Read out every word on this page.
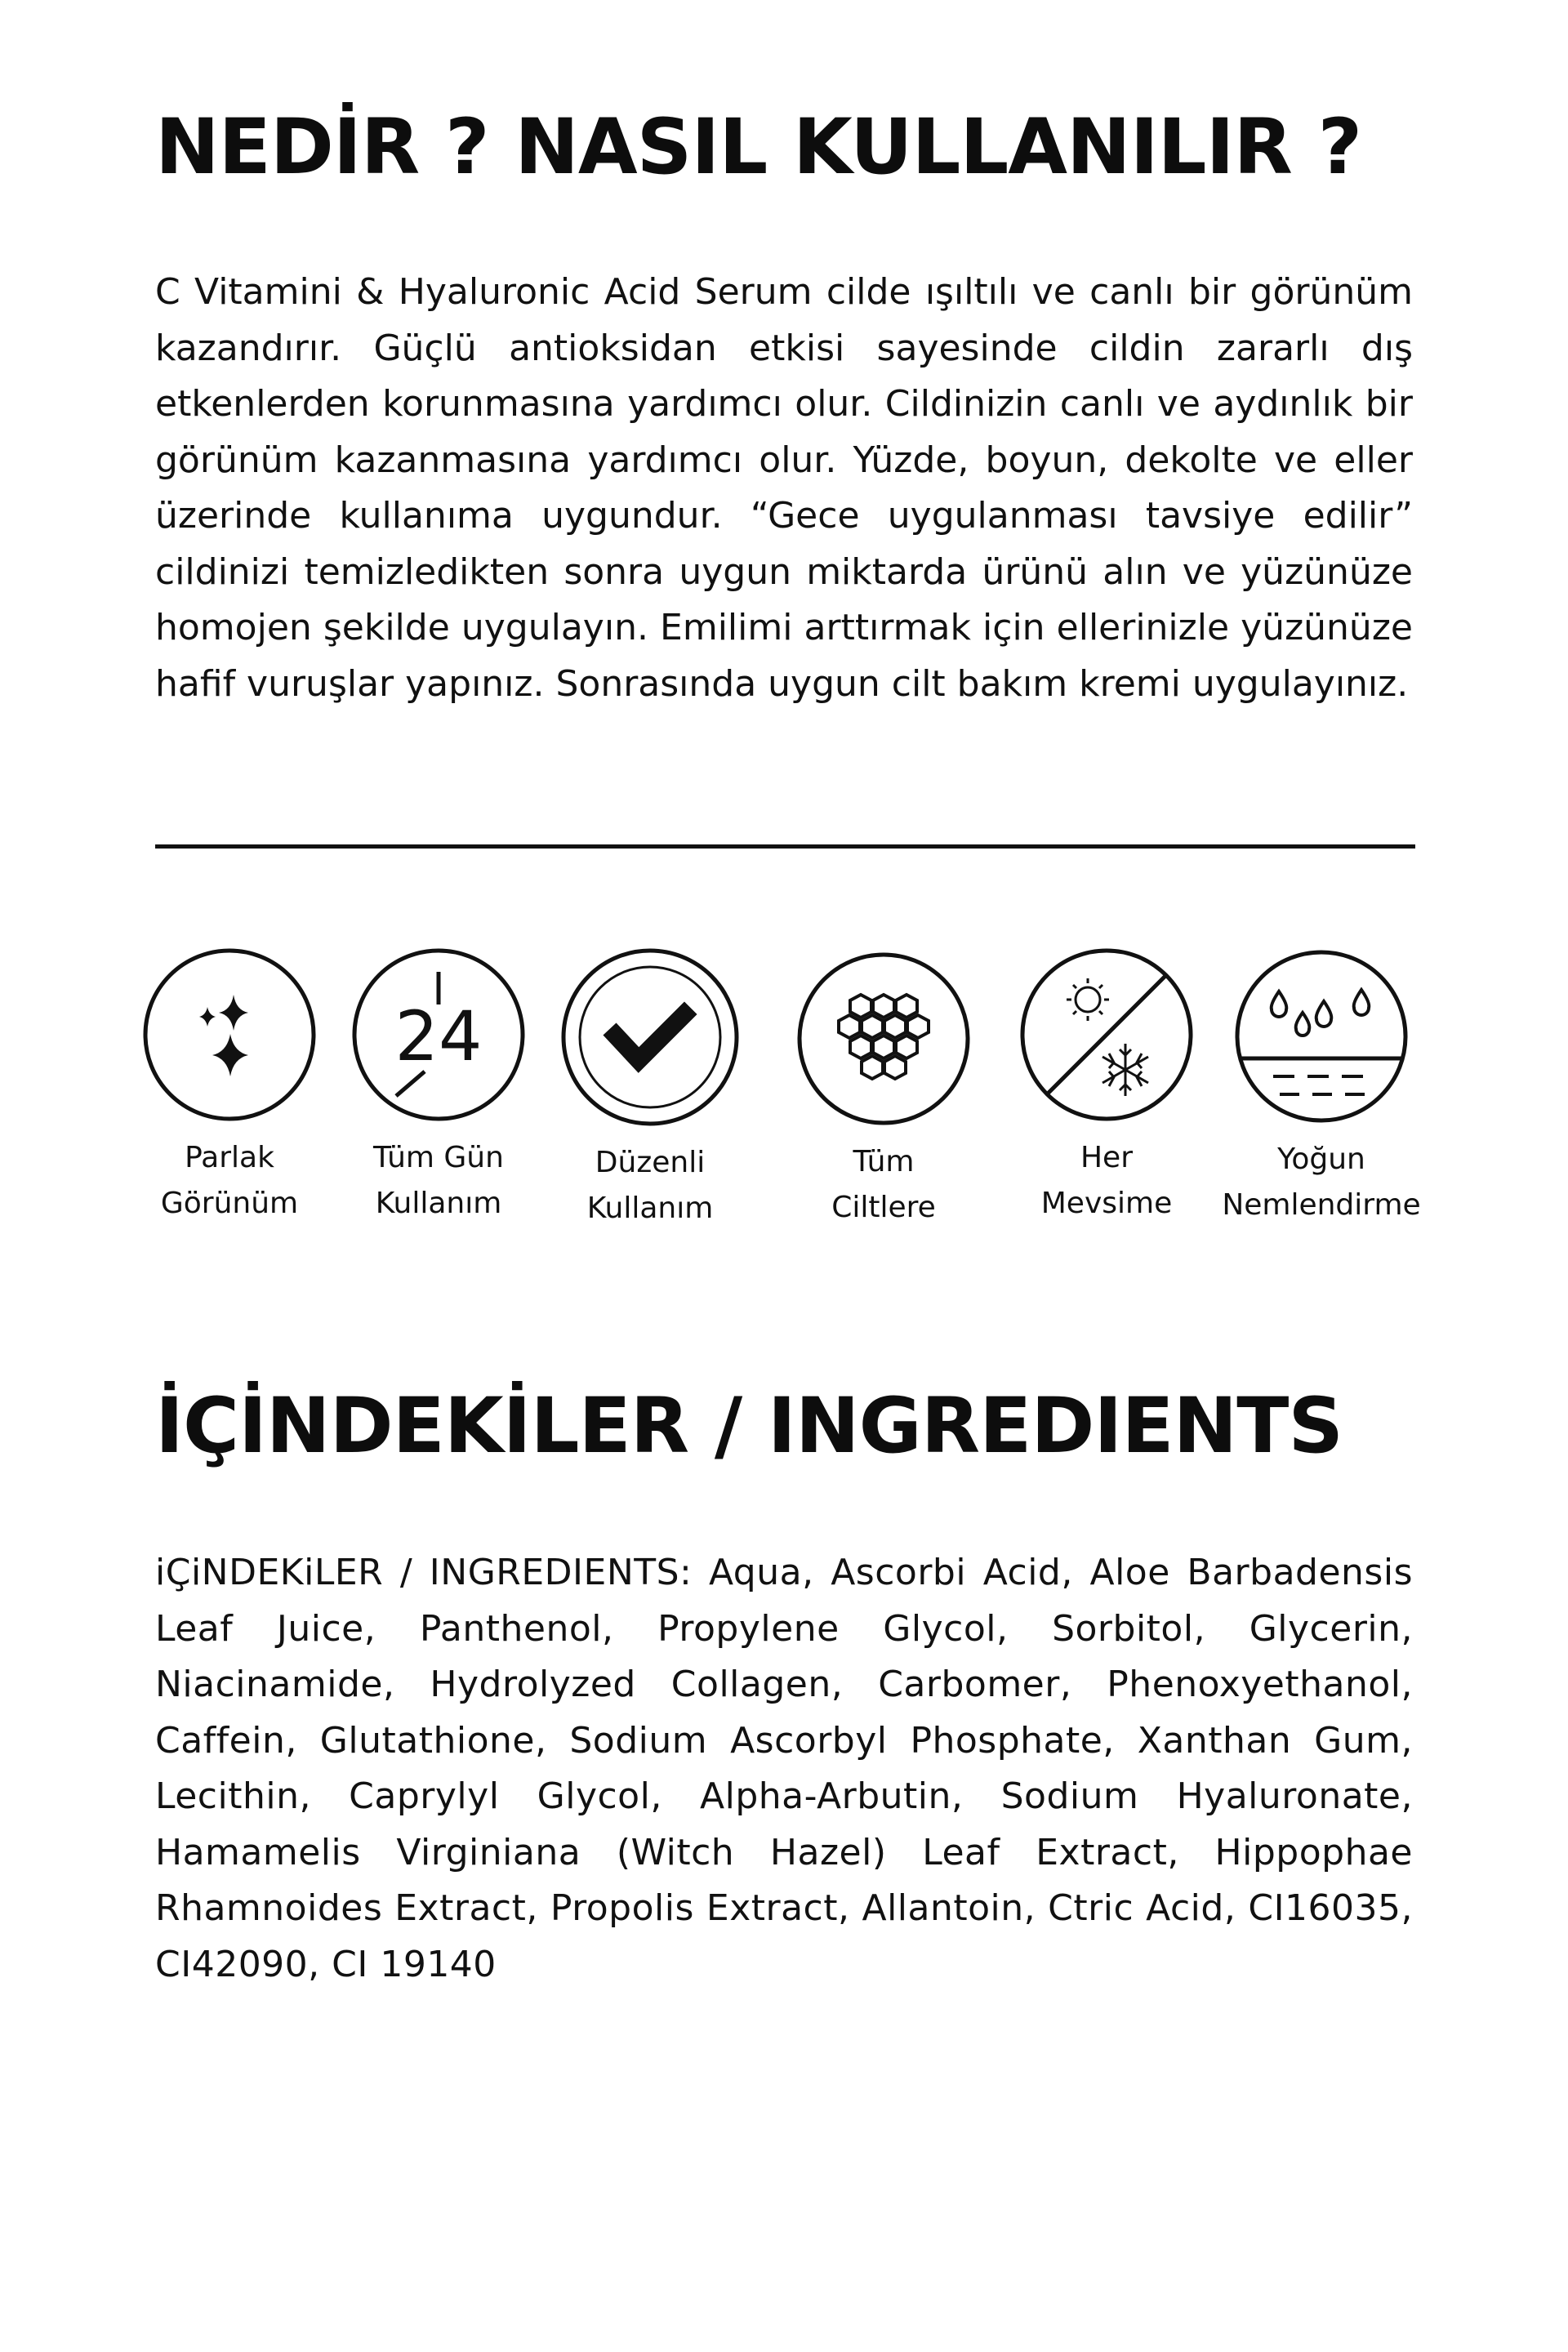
NEDİR ? NASIL KULLANILIR ?

C Vitamini & Hyaluronic Acid Serum cilde ışıltılı ve canlı bir görünüm kazandırır. Güçlü antioksidan etkisi sayesinde cildin zararlı dış etkenlerden korunmasına yardımcı olur. Cildinizin canlı ve aydınlık bir görünüm kazanmasına yardımcı olur. Yüzde, boyun, dekolte ve eller üzerinde kullanıma uygundur. “Gece uygulanması tavsiye edilir” cildinizi temizledikten sonra uygun miktarda ürünü alın ve yüzünüze homojen şekilde uygulayın. Emilimi arttırmak için ellerinizle yüzünüze hafif vuruşlar yapınız. Sonrasında uygun cilt bakım kremi uygulayınız.

Parlak
Görünüm
24
Tüm Gün
Kullanım
Düzenli
Kullanım
Tüm
Ciltlere
Her
Mevsime
Yoğun
Nemlendirme
İÇİNDEKİLER / INGREDIENTS

iÇiNDEKiLER / INGREDIENTS: Aqua, Ascorbi Acid, Aloe Barbadensis Leaf Juice, Panthenol, Propylene Glycol, Sorbitol, Glycerin, Niacinamide, Hydrolyzed Collagen, Carbomer, Phenoxyethanol, Caffein, Glutathione, Sodium Ascorbyl Phosphate, Xanthan Gum, Lecithin, Caprylyl Glycol, Alpha-Arbutin, Sodium Hyaluronate, Hamamelis Virginiana (Witch Hazel) Leaf Extract, Hippophae Rhamnoides Extract, Propolis Extract, Allantoin, Ctric Acid, CI16035, CI42090, CI 19140
